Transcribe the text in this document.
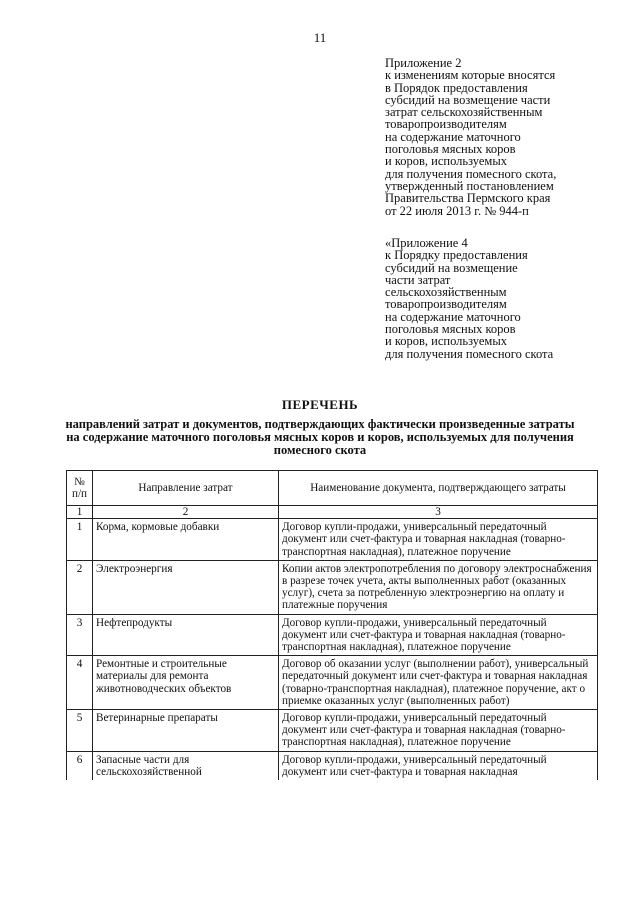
11
Приложение 2
к изменениям которые вносятся
в Порядок предоставления
субсидий на возмещение части
затрат сельскохозяйственным
товаропроизводителям
на содержание маточного
поголовья мясных коров
и коров, используемых
для получения помесного скота,
утвержденный постановлением
Правительства Пермского края
от 22 июля 2013 г. № 944-п
«Приложение 4
к Порядку предоставления
субсидий на возмещение
части затрат
сельскохозяйственным
товаропроизводителям
на содержание маточного
поголовья мясных коров
и коров, используемых
для получения помесного скота
ПЕРЕЧЕНЬ
направлений затрат и документов, подтверждающих фактически произведенные затраты на содержание маточного поголовья мясных коров и коров, используемых для получения помесного скота
№ п/п	Направление затрат	Наименование документа, подтверждающего затраты
1	2	3
1	Корма, кормовые добавки	Договор купли-продажи, универсальный передаточный документ или счет-фактура и товарная накладная (товарно-транспортная накладная), платежное поручение
2	Электроэнергия	Копии актов электропотребления по договору электроснабжения в разрезе точек учета, акты выполненных работ (оказанных услуг), счета за потребленную электроэнергию на оплату и платежные поручения
3	Нефтепродукты	Договор купли-продажи, универсальный передаточный документ или счет-фактура и товарная накладная (товарно-транспортная накладная), платежное поручение
4	Ремонтные и строительные материалы для ремонта животноводческих объектов	Договор об оказании услуг (выполнении работ), универсальный передаточный документ или счет-фактура и товарная накладная (товарно-транспортная накладная), платежное поручение, акт о приемке оказанных услуг (выполненных работ)
5	Ветеринарные препараты	Договор купли-продажи, универсальный передаточный документ или счет-фактура и товарная накладная (товарно-транспортная накладная), платежное поручение
6	Запасные части для сельскохозяйственной	Договор купли-продажи, универсальный передаточный документ или счет-фактура и товарная накладная
